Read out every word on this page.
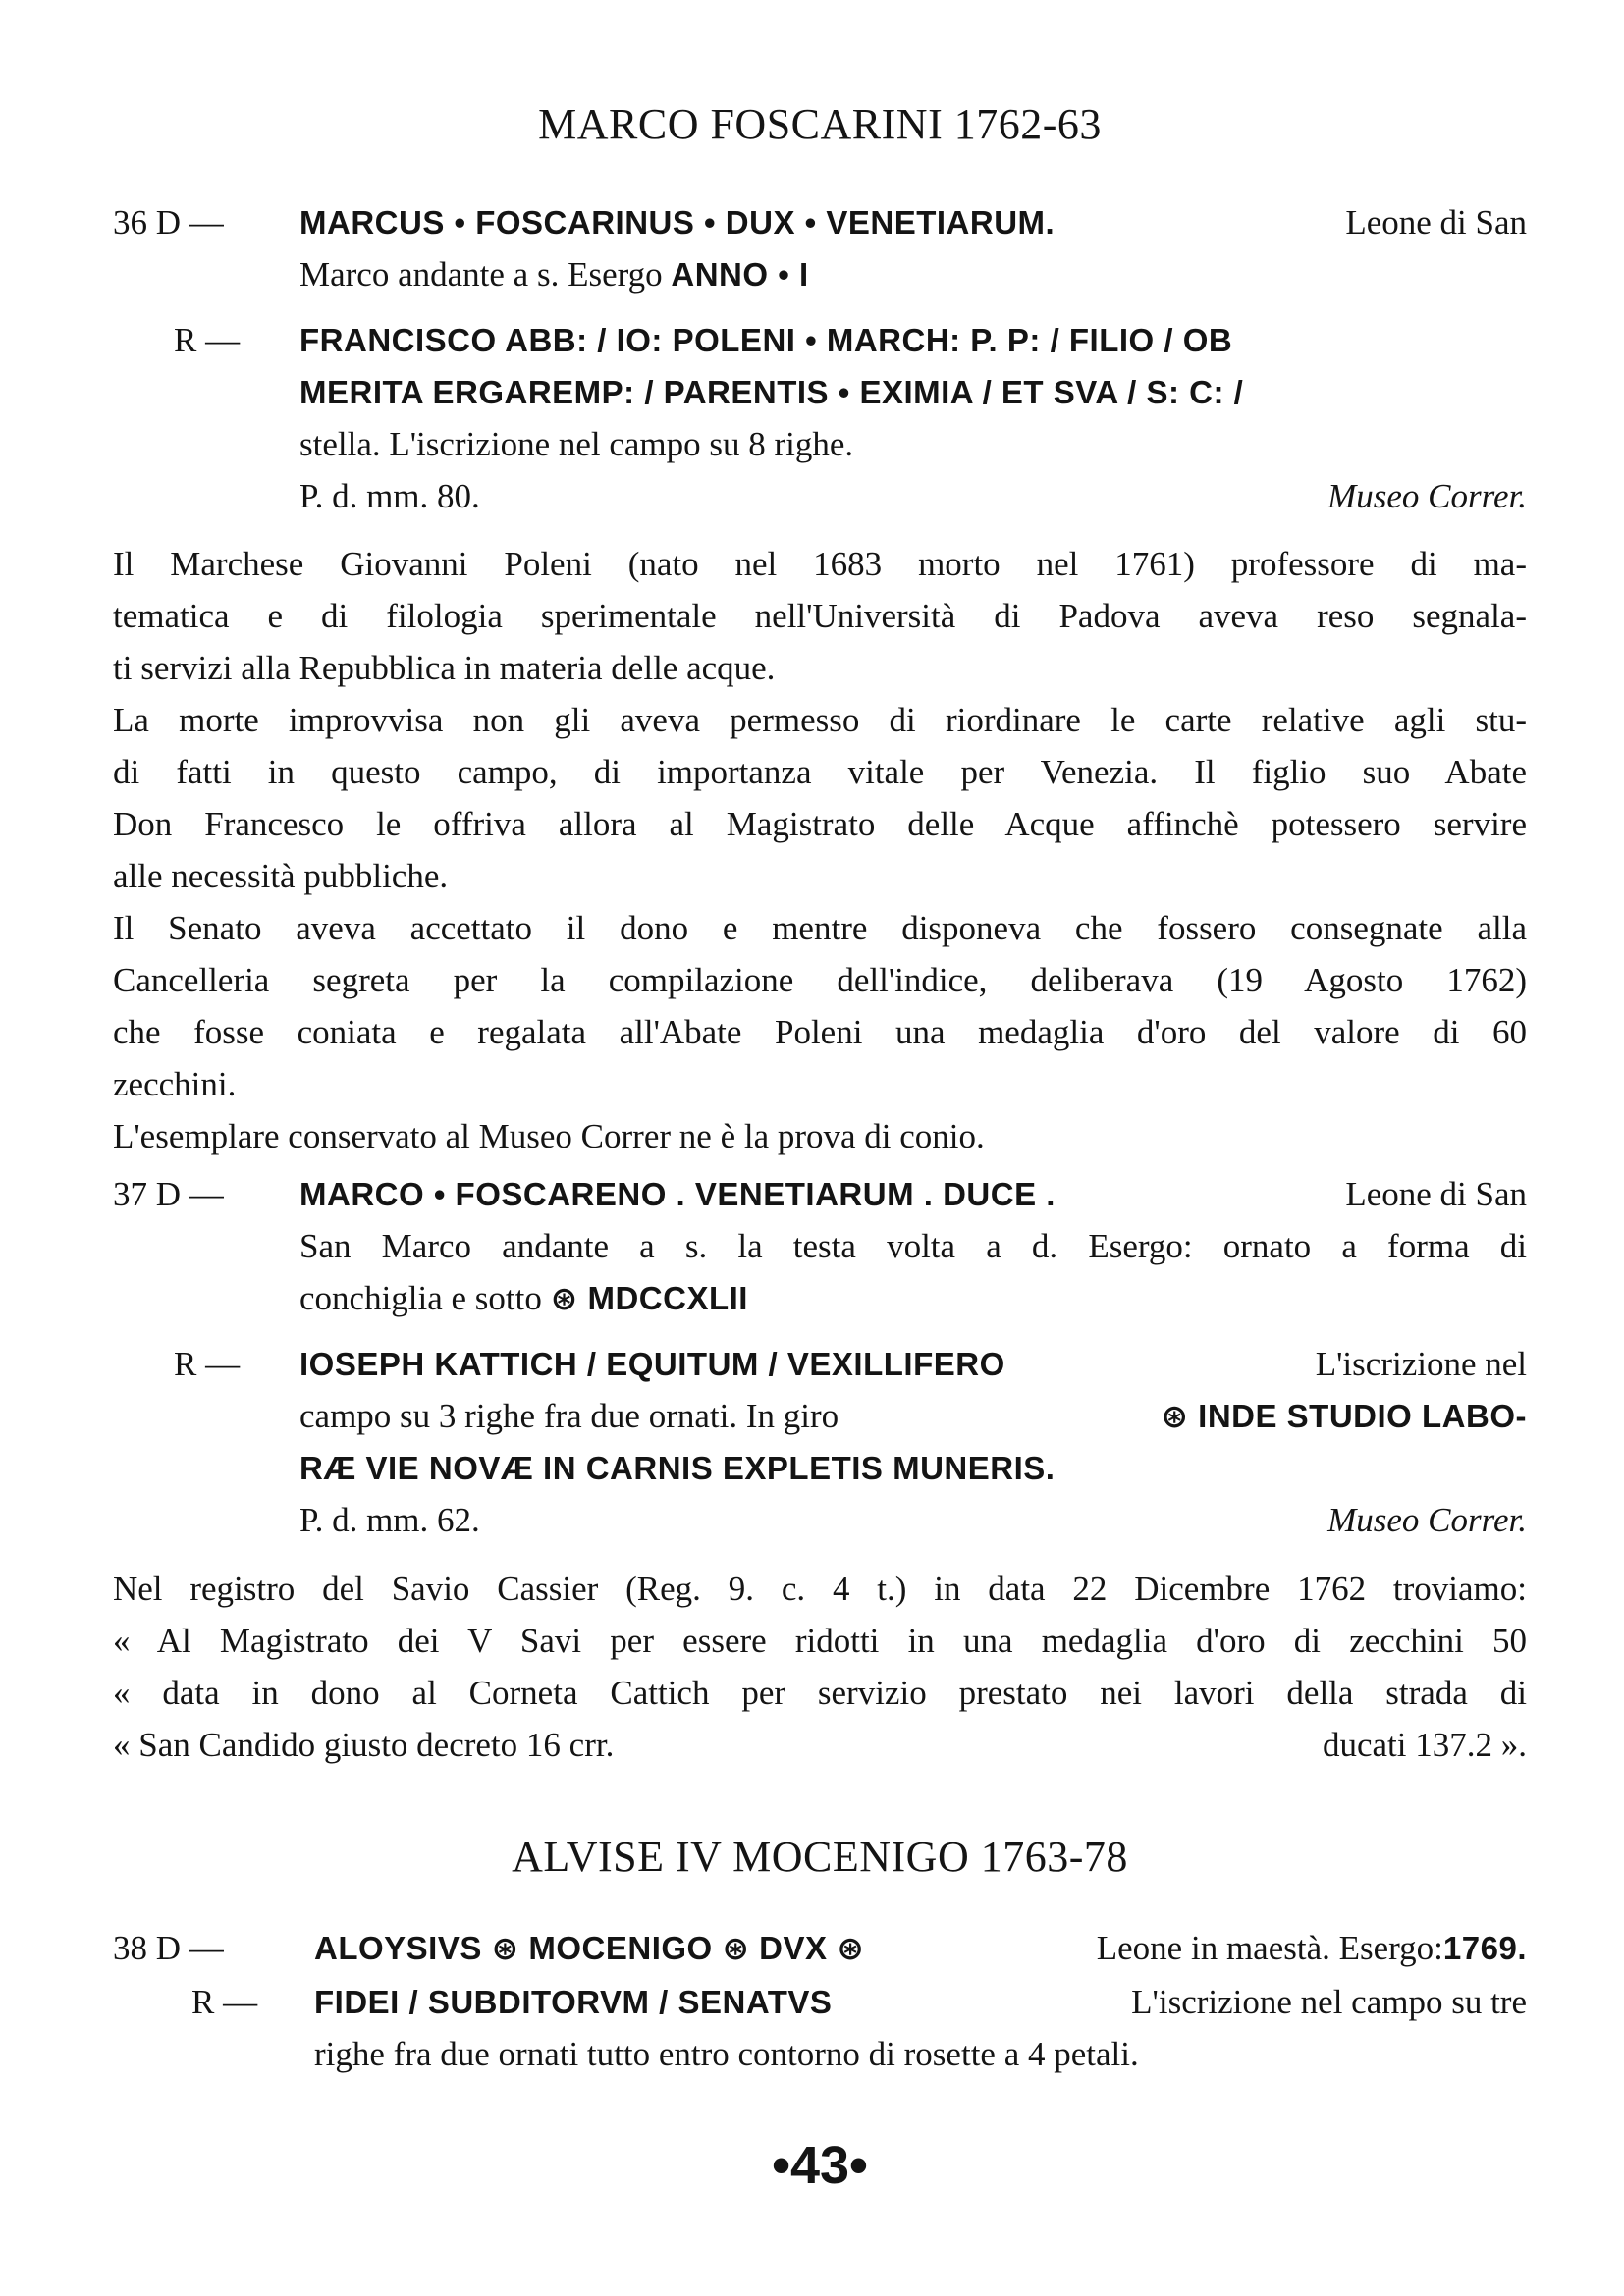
MARCO FOSCARINI 1762-63
36 D —	MARCUS • FOSCARINUS • DUX • VENETIARUM.	Leone di San
Marco andante a s. Esergo ANNO • I
R —	FRANCISCO ABB: / IO: POLENI • MARCH: P. P: / FILIO / OB
MERITA ERGAREMP: / PARENTIS • EXIMIA / ET SVA / S: C: /
stella. L'iscrizione nel campo su 8 righe.
P. d. mm. 80.	Museo Correr.
Il Marchese Giovanni Poleni (nato nel 1683 morto nel 1761) professore di ma-
tematica e di filologia sperimentale nell'Università di Padova aveva reso segnala-
ti servizi alla Repubblica in materia delle acque.
La morte improvvisa non gli aveva permesso di riordinare le carte relative agli stu-
di fatti in questo campo, di importanza vitale per Venezia. Il figlio suo Abate
Don Francesco le offriva allora al Magistrato delle Acque affinchè potessero servire
alle necessità pubbliche.
Il Senato aveva accettato il dono e mentre disponeva che fossero consegnate alla
Cancelleria segreta per la compilazione dell'indice, deliberava (19 Agosto 1762)
che fosse coniata e regalata all'Abate Poleni una medaglia d'oro del valore di 60
zecchini.
L'esemplare conservato al Museo Correr ne è la prova di conio.
37 D —	MARCO • FOSCARENO . VENETIARUM . DUCE .	Leone di San
San Marco andante a s. la testa volta a d. Esergo: ornato a forma di
conchiglia e sotto ⊛ MDCCXLII
R —	IOSEPH KATTICH / EQUITUM / VEXILLIFERO	L'iscrizione nel
campo su 3 righe fra due ornati. In giro	⊛ INDE STUDIO LABO-
RÆ VIE NOVÆ IN CARNIS EXPLETIS MUNERIS.
P. d. mm. 62.	Museo Correr.
Nel registro del Savio Cassier (Reg. 9. c. 4 t.) in data 22 Dicembre 1762 troviamo:
« Al Magistrato dei V Savi per essere ridotti in una medaglia d'oro di zecchini 50
« data in dono al Corneta Cattich per servizio prestato nei lavori della strada di
« San Candido giusto decreto 16 crr.	ducati 137.2 ».
ALVISE IV MOCENIGO 1763-78
38 D —	ALOYSIVS ⊛ MOCENIGO ⊛ DVX ⊛	Leone in maestà. Esergo:1769.
R —	FIDEI / SUBDITORVM / SENATVS	L'iscrizione nel campo su tre
righe fra due ornati tutto entro contorno di rosette a 4 petali.
•43•
